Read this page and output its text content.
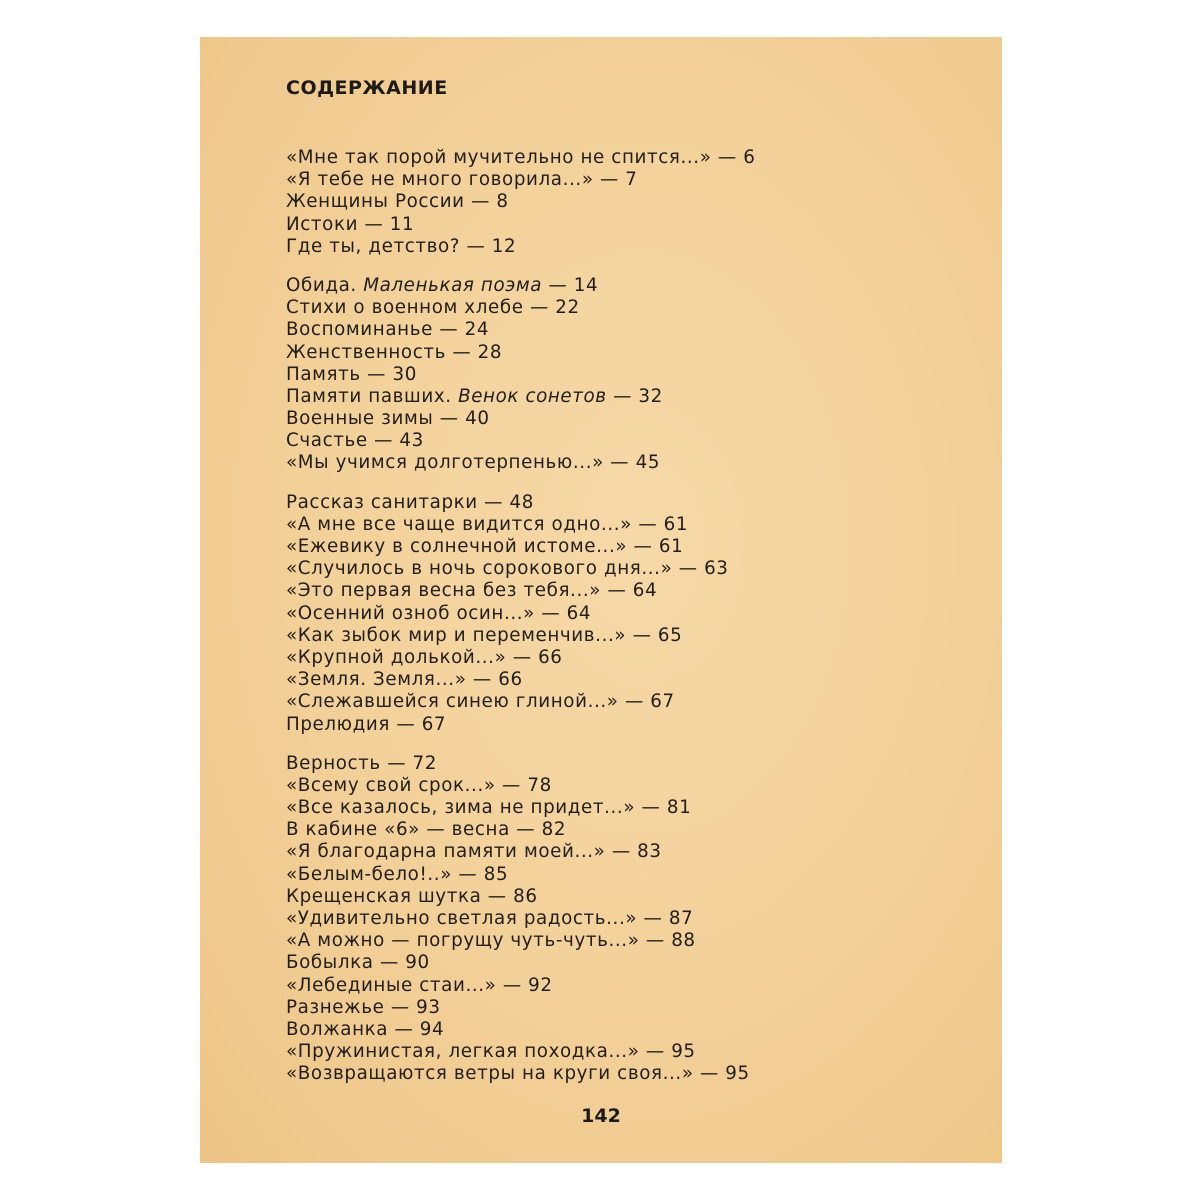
СОДЕРЖАНИЕ
«Мне так порой мучительно не спится...» — 6
«Я тебе не много говорила...» — 7
Женщины России — 8
Истоки — 11
Где ты, детство? — 12
Обида. Маленькая поэма — 14
Стихи о военном хлебе — 22
Воспоминанье — 24
Женственность — 28
Память — 30
Памяти павших. Венок сонетов — 32
Военные зимы — 40
Счастье — 43
«Мы учимся долготерпенью...» — 45
Рассказ санитарки — 48
«А мне все чаще видится одно...» — 61
«Ежевику в солнечной истоме...» — 61
«Случилось в ночь сорокового дня...» — 63
«Это первая весна без тебя...» — 64
«Осенний озноб осин...» — 64
«Как зыбок мир и переменчив...» — 65
«Крупной долькой...» — 66
«Земля. Земля...» — 66
«Слежавшейся синею глиной...» — 67
Прелюдия — 67
Верность — 72
«Всему свой срок...» — 78
«Все казалось, зима не придет...» — 81
В кабине «6» — весна — 82
«Я благодарна памяти моей...» — 83
«Белым-бело!..» — 85
Крещенская шутка — 86
«Удивительно светлая радость...» — 87
«А можно — погрущу чуть-чуть...» — 88
Бобылка — 90
«Лебединые стаи...» — 92
Разнежье — 93
Волжанка — 94
«Пружинистая, легкая походка...» — 95
«Возвращаются ветры на круги своя...» — 95
142
